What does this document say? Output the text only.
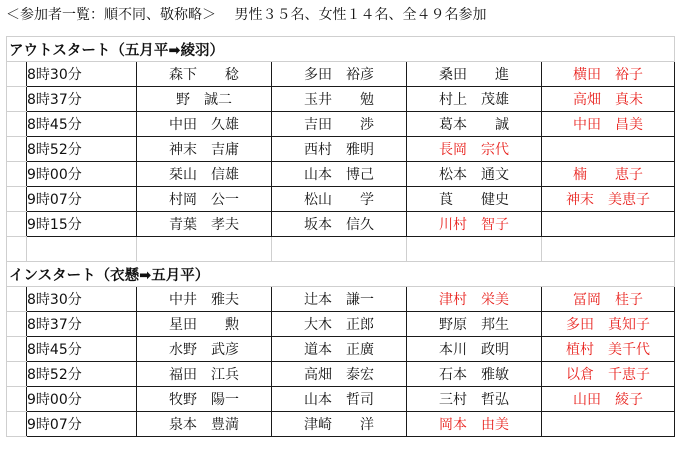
＜参加者一覧：順不同、敬称略＞ 男性３５名、女性１４名、全４９名参加
アウトスタート（五月平➡綾羽）					
	8時30分	森下　　稔	多田　裕彦	桑田　　進	横田　裕子
	8時37分	野　誠二	玉井　　勉	村上　茂雄	高畑　真未
	8時45分	中田　久雄	吉田　　渉	葛本　　誠	中田　昌美
	8時52分	神末　吉庸	西村　雅明	長岡　宗代	
	9時00分	栞山　信雄	山本　博己	松本　通文	楠　　恵子
	9時07分	村岡　公一	松山　　学	莨　　健史	神末　美恵子
	9時15分	青葉　孝夫	坂本　信久	川村　智子	

インスタート（衣懸➡五月平）					
	8時30分	中井　雅夫	辻本　謙一	津村　栄美	冨岡　桂子
	8時37分	星田　　勲	大木　正郎	野原　邦生	多田　真知子
	8時45分	水野　武彦	道本　正廣	本川　政明	植村　美千代
	8時52分	福田　江兵	高畑　泰宏	石本　雅敏	以倉　千恵子
	9時00分	牧野　陽一	山本　哲司	三村　哲弘	山田　綾子
	9時07分	泉本　豊満	津崎　　洋	岡本　由美	
